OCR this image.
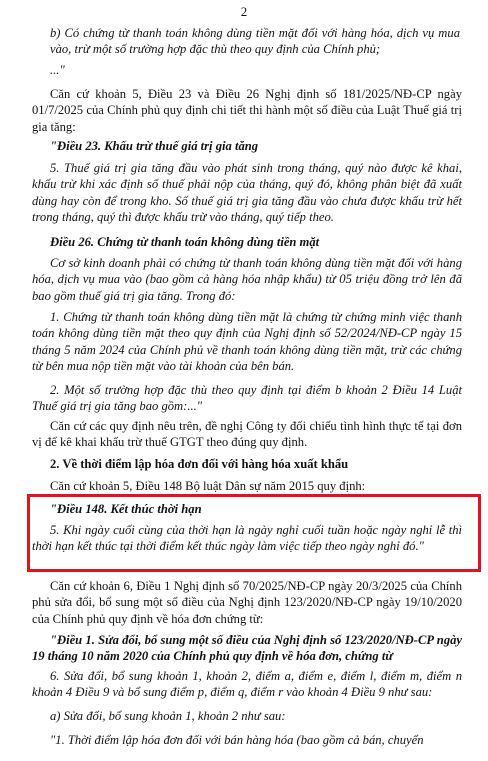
2

b) Có chứng từ thanh toán không dùng tiền mặt đối với hàng hóa, dịch vụ mua vào, trừ một số trường hợp đặc thù theo quy định của Chính phủ;

..."

Căn cứ khoản 5, Điều 23 và Điều 26 Nghị định số 181/2025/NĐ-CP ngày 01/7/2025 của Chính phủ quy định chi tiết thi hành một số điều của Luật Thuế giá trị gia tăng:

"Điều 23. Khấu trừ thuế giá trị gia tăng

5. Thuế giá trị gia tăng đầu vào phát sinh trong tháng, quý nào được kê khai, khấu trừ khi xác định số thuế phải nộp của tháng, quý đó, không phân biệt đã xuất dùng hay còn để trong kho. Số thuế giá trị gia tăng đầu vào chưa được khấu trừ hết trong tháng, quý thì được khấu trừ vào tháng, quý tiếp theo.

Điều 26. Chứng từ thanh toán không dùng tiền mặt

Cơ sở kinh doanh phải có chứng từ thanh toán không dùng tiền mặt đối với hàng hóa, dịch vụ mua vào (bao gồm cả hàng hóa nhập khẩu) từ 05 triệu đồng trở lên đã bao gồm thuế giá trị gia tăng. Trong đó:

1. Chứng từ thanh toán không dùng tiền mặt là chứng từ chứng minh việc thanh toán không dùng tiền mặt theo quy định của Nghị định số 52/2024/NĐ-CP ngày 15 tháng 5 năm 2024 của Chính phủ về thanh toán không dùng tiền mặt, trừ các chứng từ bên mua nộp tiền mặt vào tài khoản của bên bán.

2. Một số trường hợp đặc thù theo quy định tại điểm b khoản 2 Điều 14 Luật Thuế giá trị gia tăng bao gồm:..."

Căn cứ các quy định nêu trên, đề nghị Công ty đối chiếu tình hình thực tế tại đơn vị để kê khai khấu trừ thuế GTGT theo đúng quy định.

2. Về thời điểm lập hóa đơn đối với hàng hóa xuất khẩu

Căn cứ khoản 5, Điều 148 Bộ luật Dân sự năm 2015 quy định:

"Điều 148. Kết thúc thời hạn

5. Khi ngày cuối cùng của thời hạn là ngày nghỉ cuối tuần hoặc ngày nghỉ lễ thì thời hạn kết thúc tại thời điểm kết thúc ngày làm việc tiếp theo ngày nghỉ đó."

Căn cứ khoản 6, Điều 1 Nghị định số 70/2025/NĐ-CP ngày 20/3/2025 của Chính phủ sửa đổi, bổ sung một số điều của Nghị định 123/2020/NĐ-CP ngày 19/10/2020 của Chính phủ quy định về hóa đơn chứng từ:

"Điều 1. Sửa đổi, bổ sung một số điều của Nghị định số 123/2020/NĐ-CP ngày 19 tháng 10 năm 2020 của Chính phủ quy định về hóa đơn, chứng từ

6. Sửa đổi, bổ sung khoản 1, khoản 2, điểm a, điểm e, điểm l, điểm m, điểm n khoản 4 Điều 9 và bổ sung điểm p, điểm q, điểm r vào khoản 4 Điều 9 như sau:

a) Sửa đổi, bổ sung khoản 1, khoản 2 như sau:

"1. Thời điểm lập hóa đơn đối với bán hàng hóa (bao gồm cả bán, chuyển
